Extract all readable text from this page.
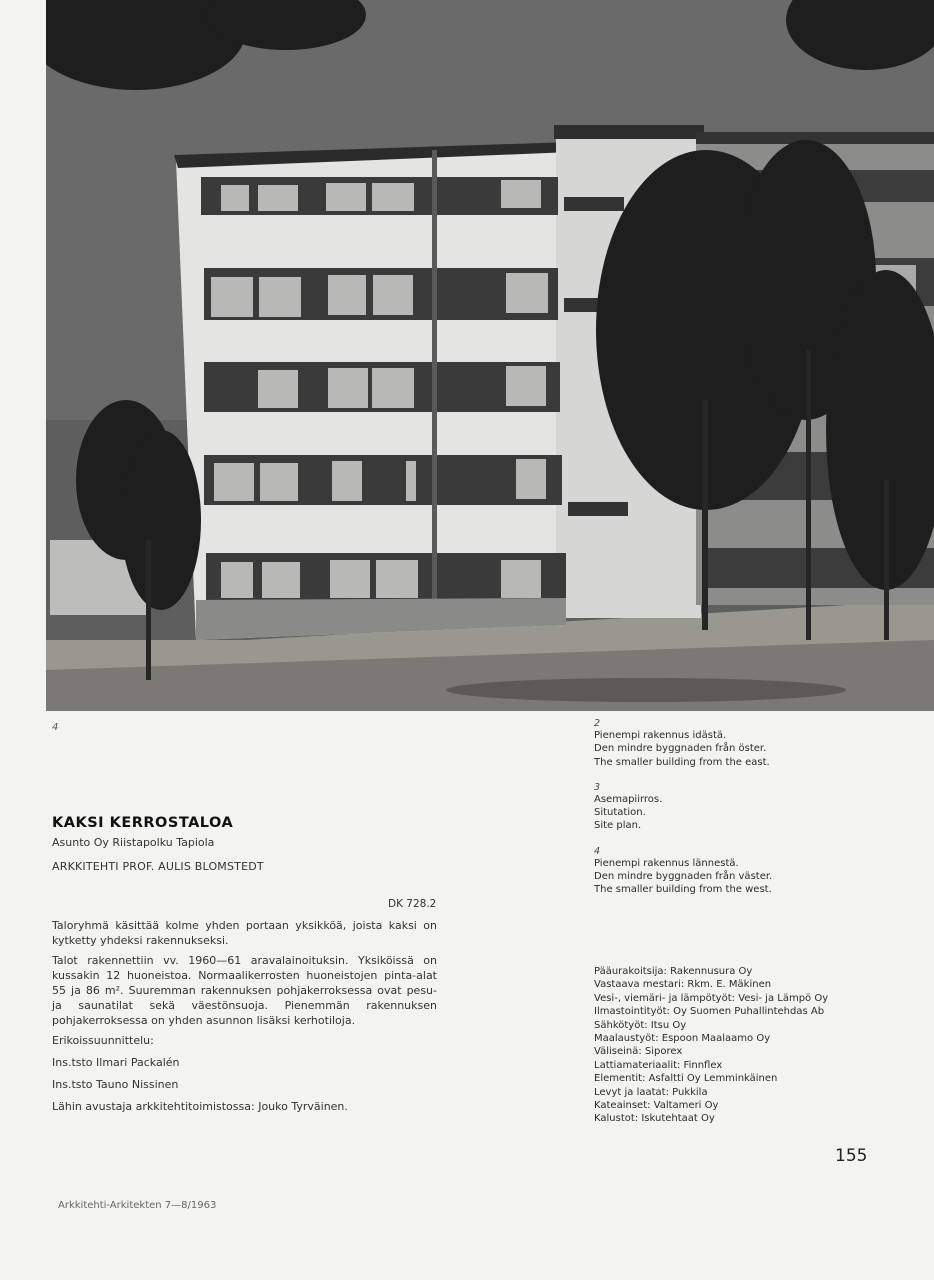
4	2
Pienempi rakennus idästä.
Den mindre byggnaden från öster.
The smaller building from the east.
3
Asemapiirros.
Situtation.
Site plan.
4
Pienempi rakennus lännestä.
Den mindre byggnaden från väster.
The smaller building from the west.
KAKSI KERROSTALOA
Asunto Oy Riistapolku Tapiola
ARKKITEHTI PROF. AULIS BLOMSTEDT
DK 728.2

Taloryhmä käsittää kolme yhden portaan yksikköä, joista kaksi on kytketty yhdeksi rakennukseksi.

Talot rakennettiin vv. 1960—61 aravalainoituksin. Yksiköissä on kussakin 12 huoneistoa. Normaalikerrosten huoneistojen pinta-alat 55 ja 86 m². Suuremman rakennuksen pohjakerroksessa ovat pesu- ja saunatilat sekä väestönsuoja. Pienemmän rakennuksen pohjakerroksessa on yhden asunnon lisäksi kerhotiloja.

Erikoissuunnittelu:

Ins.tsto Ilmari Packalén

Ins.tsto Tauno Nissinen

Lähin avustaja arkkitehtitoimistossa: Jouko Tyrväinen.

Pääurakoitsija: Rakennusura Oy
Vastaava mestari: Rkm. E. Mäkinen
Vesi-, viemäri- ja lämpötyöt: Vesi- ja Lämpö Oy
Ilmastointityöt: Oy Suomen Puhallintehdas Ab
Sähkötyöt: Itsu Oy
Maalaustyöt: Espoon Maalaamo Oy
Väliseinä: Siporex
Lattiamateriaalit: Finnflex
Elementit: Asfaltti Oy Lemminkäinen
Levyt ja laatat: Pukkila
Kateainset: Valtameri Oy
Kalustot: Iskutehtaat Oy
155
Arkkitehti-Arkitekten 7—8/1963
